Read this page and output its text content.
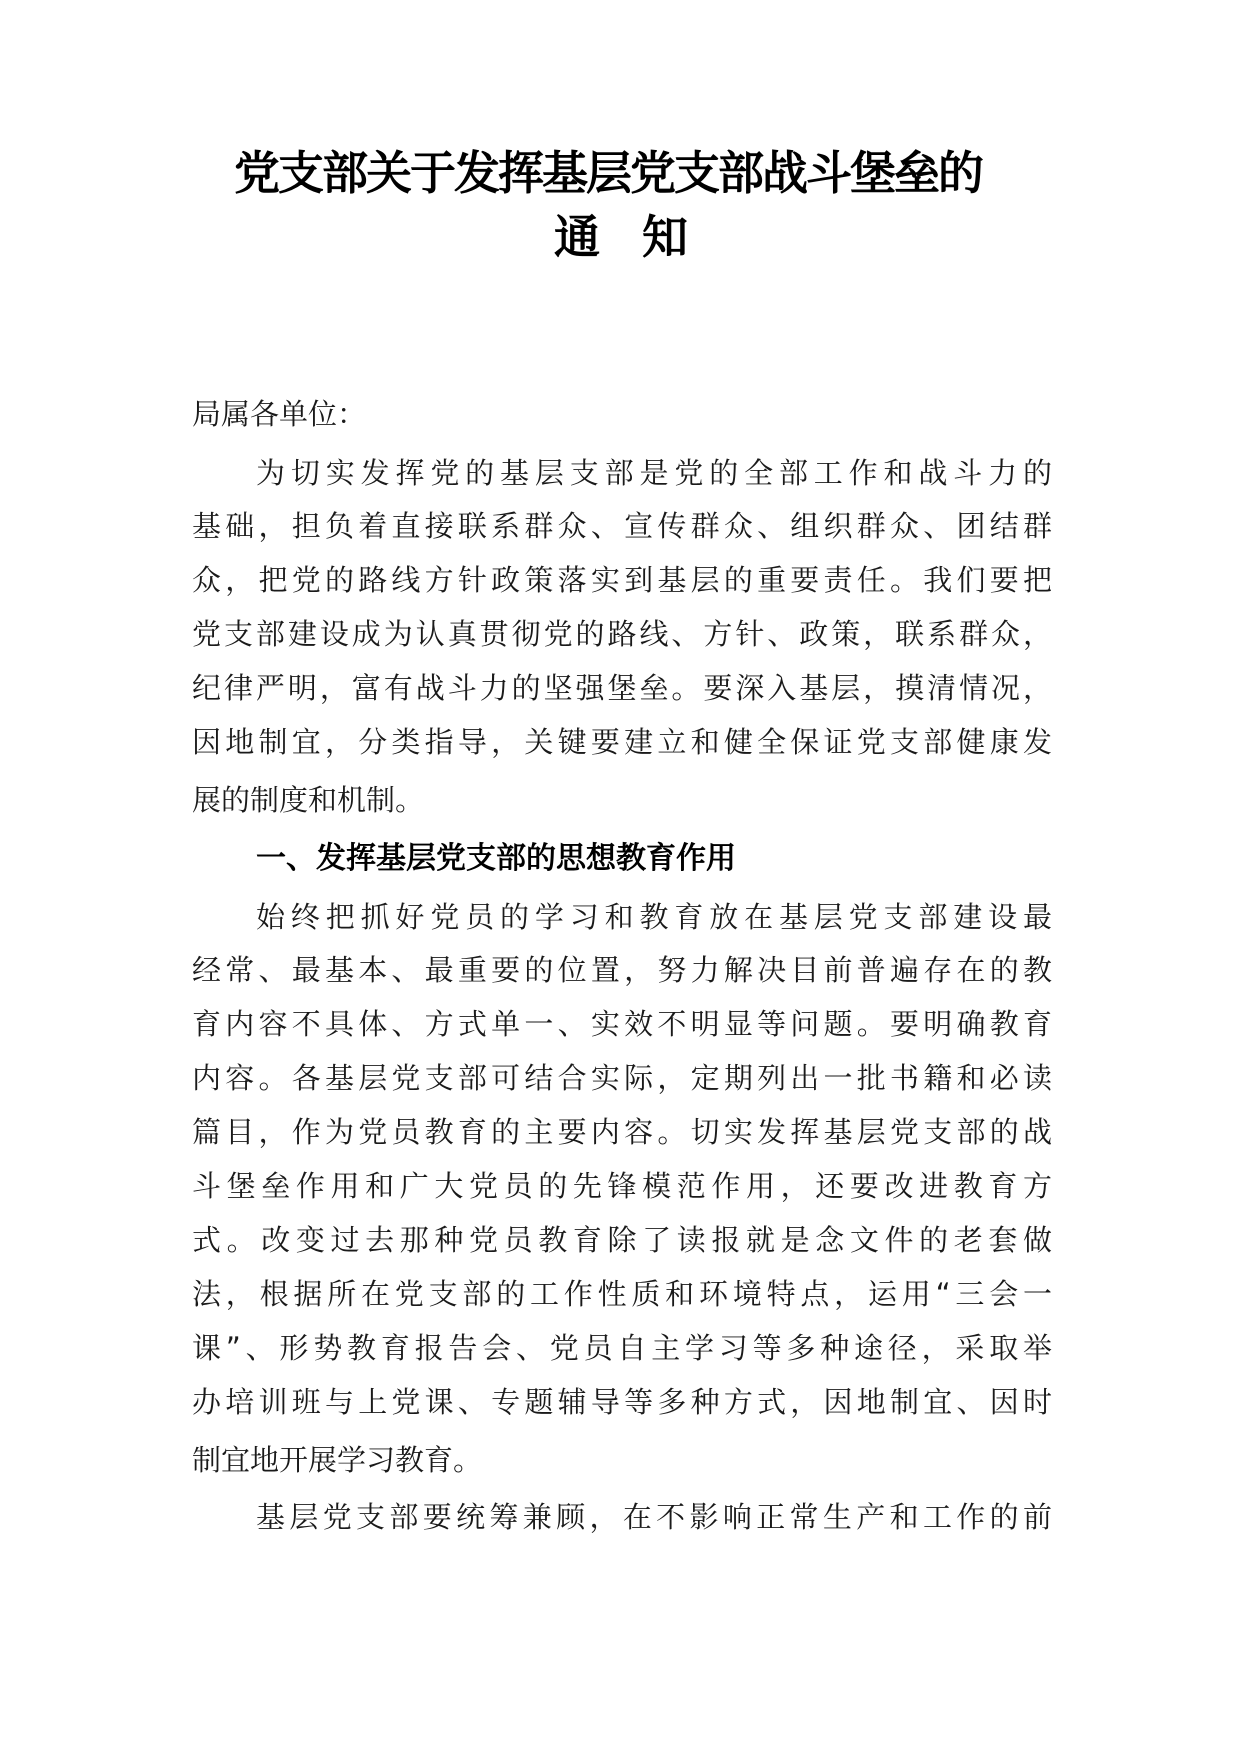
党支部关于发挥基层党支部战斗堡垒的
通　知
局属各单位：
为切实发挥党的基层支部是党的全部工作和战斗力的
基础，担负着直接联系群众、宣传群众、组织群众、团结群
众，把党的路线方针政策落实到基层的重要责任。我们要把
党支部建设成为认真贯彻党的路线、方针、政策，联系群众，
纪律严明，富有战斗力的坚强堡垒。要深入基层，摸清情况，
因地制宜，分类指导，关键要建立和健全保证党支部健康发
展的制度和机制。
始终把抓好党员的学习和教育放在基层党支部建设最
经常、最基本、最重要的位置，努力解决目前普遍存在的教
育内容不具体、方式单一、实效不明显等问题。要明确教育
内容。各基层党支部可结合实际，定期列出一批书籍和必读
篇目，作为党员教育的主要内容。切实发挥基层党支部的战
斗堡垒作用和广大党员的先锋模范作用，还要改进教育方
式。改变过去那种党员教育除了读报就是念文件的老套做
法，根据所在党支部的工作性质和环境特点，运用“三会一
课”、形势教育报告会、党员自主学习等多种途径，采取举
办培训班与上党课、专题辅导等多种方式，因地制宜、因时
制宜地开展学习教育。
基层党支部要统筹兼顾，在不影响正常生产和工作的前
一、发挥基层党支部的思想教育作用
